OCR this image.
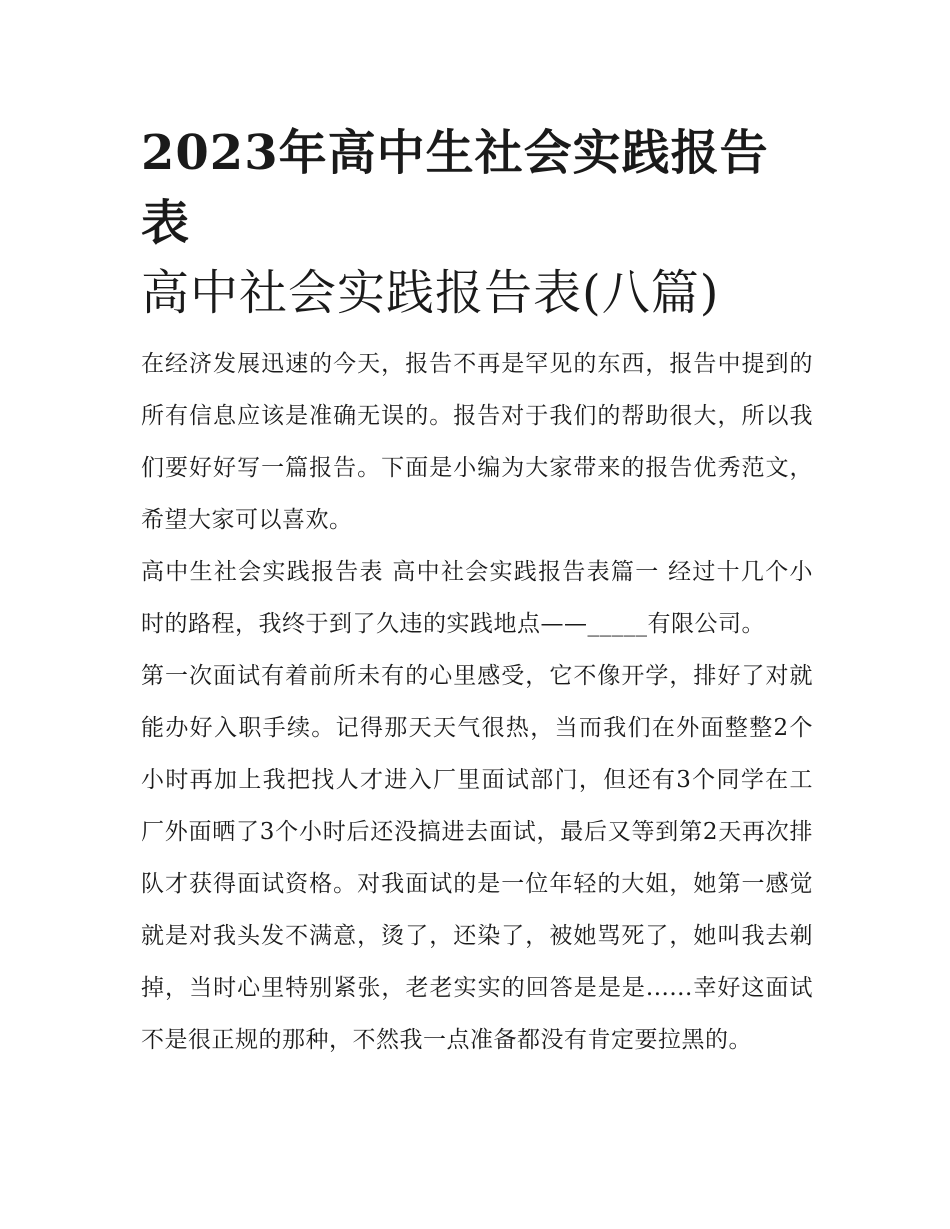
2023年高中生社会实践报告表
高中社会实践报告表(八篇)

在经济发展迅速的今天，报告不再是罕见的东西，报告中提到的所有信息应该是准确无误的。报告对于我们的帮助很大，所以我们要好好写一篇报告。下面是小编为大家带来的报告优秀范文，希望大家可以喜欢。

高中生社会实践报告表 高中社会实践报告表篇一 经过十几个小时的路程，我终于到了久违的实践地点——_____有限公司。

第一次面试有着前所未有的心里感受，它不像开学，排好了对就能办好入职手续。记得那天天气很热，当而我们在外面整整2个小时再加上我把找人才进入厂里面试部门，但还有3个同学在工厂外面晒了3个小时后还没搞进去面试，最后又等到第2天再次排队才获得面试资格。对我面试的是一位年轻的大姐，她第一感觉就是对我头发不满意，烫了，还染了，被她骂死了，她叫我去剃掉，当时心里特别紧张，老老实实的回答是是是......幸好这面试不是很正规的那种，不然我一点准备都没有肯定要拉黑的。
